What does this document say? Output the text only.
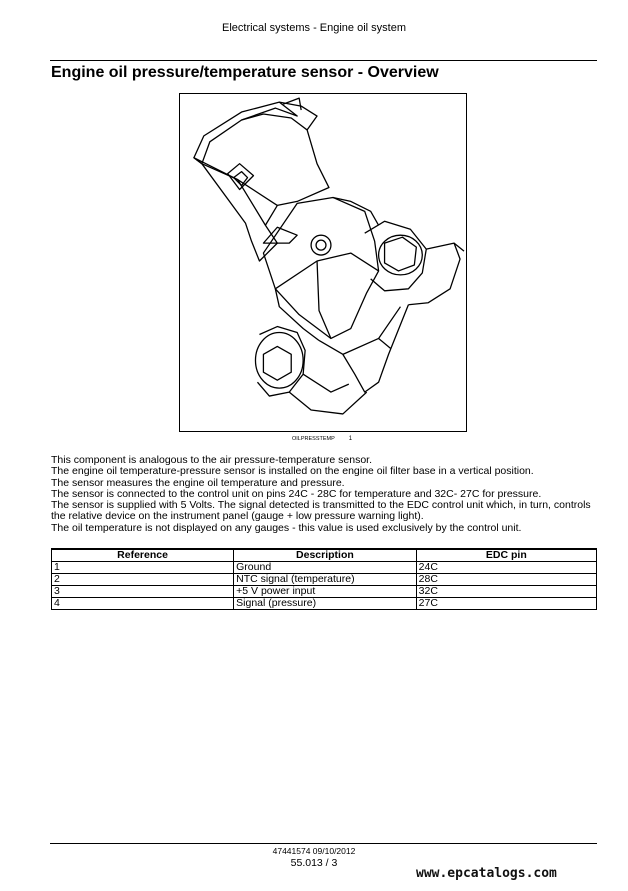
Electrical systems - Engine oil system
Engine oil pressure/temperature sensor - Overview
OILPRESSTEMP 1
This component is analogous to the air pressure-temperature sensor.
The engine oil temperature-pressure sensor is installed on the engine oil filter base in a vertical position.
The sensor measures the engine oil temperature and pressure.
The sensor is connected to the control unit on pins 24C - 28C for temperature and 32C- 27C for pressure.
The sensor is supplied with 5 Volts. The signal detected is transmitted to the EDC control unit which, in turn, controls the relative device on the instrument panel (gauge + low pressure warning light).
The oil temperature is not displayed on any gauges - this value is used exclusively by the control unit.
Reference	Description	EDC pin
1	Ground	24C
2	NTC signal (temperature)	28C
3	+5 V power input	32C
4	Signal (pressure)	27C
47441574 09/10/2012
55.013 / 3
www.epcatalogs.com
